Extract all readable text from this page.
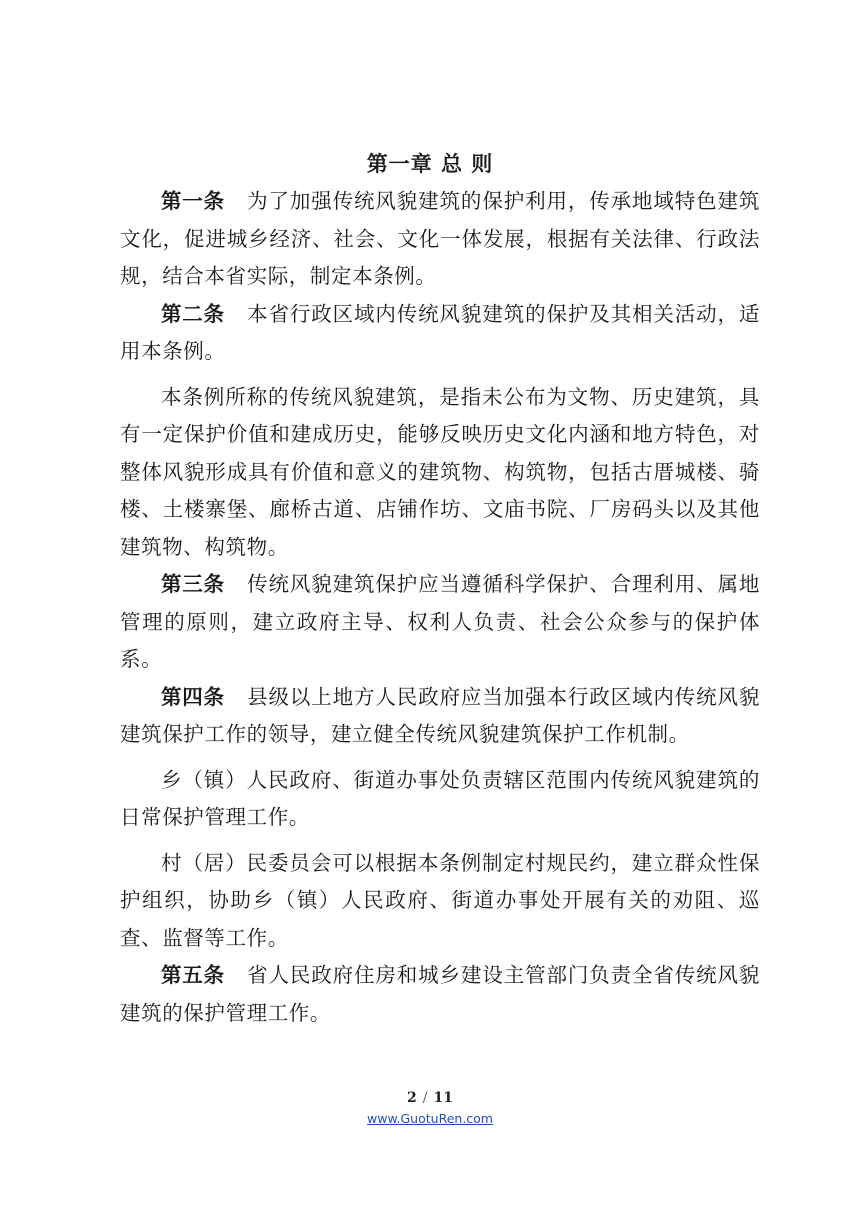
第一章 总 则

第一条 为了加强传统风貌建筑的保护利用，传承地域特色建筑文化，促进城乡经济、社会、文化一体发展，根据有关法律、行政法规，结合本省实际，制定本条例。

第二条 本省行政区域内传统风貌建筑的保护及其相关活动，适用本条例。

本条例所称的传统风貌建筑，是指未公布为文物、历史建筑，具有一定保护价值和建成历史，能够反映历史文化内涵和地方特色，对整体风貌形成具有价值和意义的建筑物、构筑物，包括古厝城楼、骑楼、土楼寨堡、廊桥古道、店铺作坊、文庙书院、厂房码头以及其他建筑物、构筑物。

第三条 传统风貌建筑保护应当遵循科学保护、合理利用、属地管理的原则，建立政府主导、权利人负责、社会公众参与的保护体系。

第四条 县级以上地方人民政府应当加强本行政区域内传统风貌建筑保护工作的领导，建立健全传统风貌建筑保护工作机制。

乡（镇）人民政府、街道办事处负责辖区范围内传统风貌建筑的日常保护管理工作。

村（居）民委员会可以根据本条例制定村规民约，建立群众性保护组织，协助乡（镇）人民政府、街道办事处开展有关的劝阻、巡查、监督等工作。

第五条 省人民政府住房和城乡建设主管部门负责全省传统风貌建筑的保护管理工作。

2 / 11

www.GuotuRen.com
